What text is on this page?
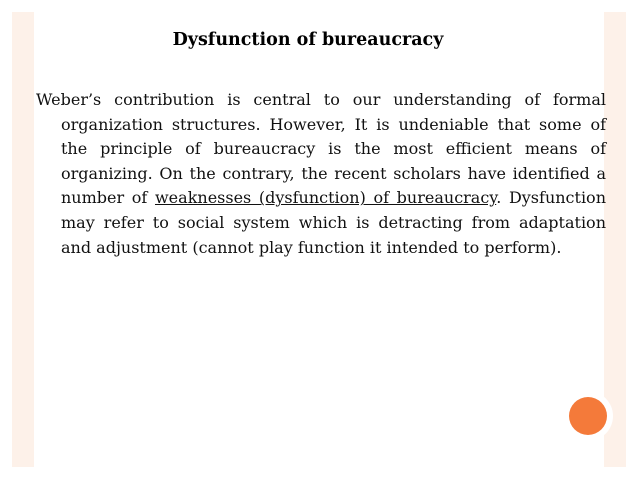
Dysfunction of bureaucracy

Weber’s contribution is central to our understanding of formal organization structures. However, It is undeniable that some of the principle of bureaucracy is the most efficient means of organizing. On the contrary, the recent scholars have identified a number of weaknesses (dysfunction) of bureaucracy. Dysfunction may refer to social system which is detracting from adaptation and adjustment (cannot play function it intended to perform).
